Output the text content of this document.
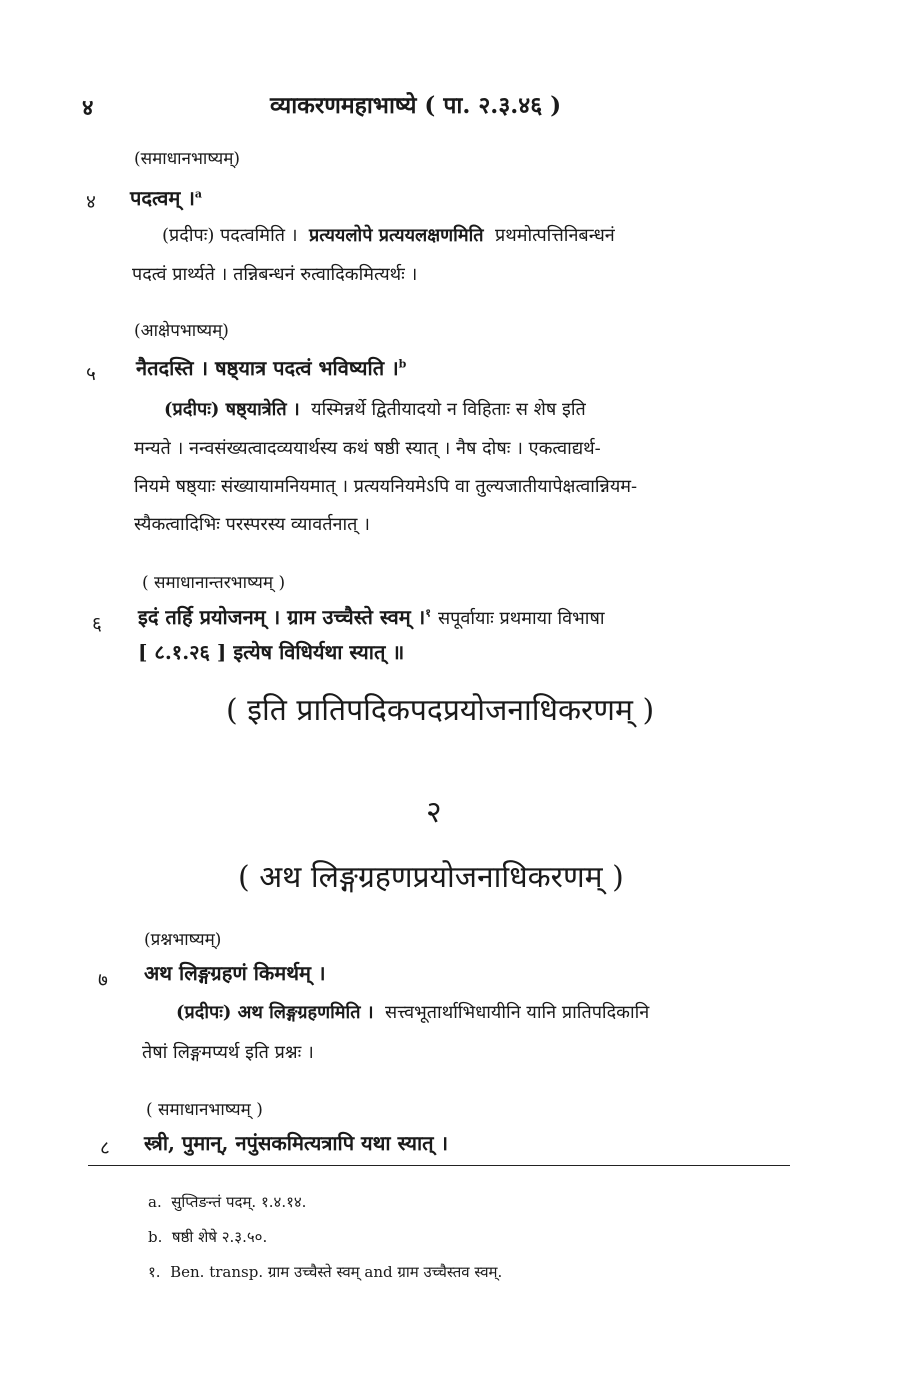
४	व्याकरणमहाभाष्ये ( पा. २.३.४६ )
(समाधानभाष्यम्)
४ पदत्वम् ।$^a$
(प्रदीपः) पदत्वमिति । प्रत्ययलोपे प्रत्ययलक्षणमिति प्रथमोत्पत्तिनिबन्धनं
पदत्वं प्रार्थ्यते । तन्निबन्धनं रुत्वादिकमित्यर्थः ।
(आक्षेपभाष्यम्)
५ नैतदस्ति । षष्ठ्यात्र पदत्वं भविष्यति ।$^b$
(प्रदीपः) षष्ठ्यात्रेति । यस्मिन्नर्थे द्वितीयादयो न विहिताः स शेष इति
मन्यते । नन्वसंख्यत्वादव्ययार्थस्य कथं षष्ठी स्यात् । नैष दोषः । एकत्वाद्यर्थ-
नियमे षष्ठ्याः संख्यायामनियमात् । प्रत्ययनियमेऽपि वा तुल्यजातीयापेक्षत्वान्नियम-
स्यैकत्वादिभिः परस्परस्य व्यावर्तनात् ।
( समाधानान्तरभाष्यम् )
६ इदं तर्हि प्रयोजनम् । ग्राम उच्चैस्ते स्वम् ।$^१$ सपूर्वायाः प्रथमाया विभाषा
[ ८.१.२६ ] इत्येष विधिर्यथा स्यात् ॥
( इति प्रातिपदिकपदप्रयोजनाधिकरणम् )
२
( अथ लिङ्गग्रहणप्रयोजनाधिकरणम् )
(प्रश्नभाष्यम्)
७ अथ लिङ्गग्रहणं किमर्थम् ।
(प्रदीपः) अथ लिङ्गग्रहणमिति । सत्त्वभूतार्थाभिधायीनि यानि प्रातिपदिकानि
तेषां लिङ्गमप्यर्थ इति प्रश्नः ।
( समाधानभाष्यम् )
८ स्त्री, पुमान्, नपुंसकमित्यत्रापि यथा स्यात् ।
a. सुप्तिङन्तं पदम्. १.४.१४.
b. षष्ठी शेषे २.३.५०.
१. Ben. transp. ग्राम उच्चैस्ते स्वम् and ग्राम उच्चैस्तव स्वम्.
